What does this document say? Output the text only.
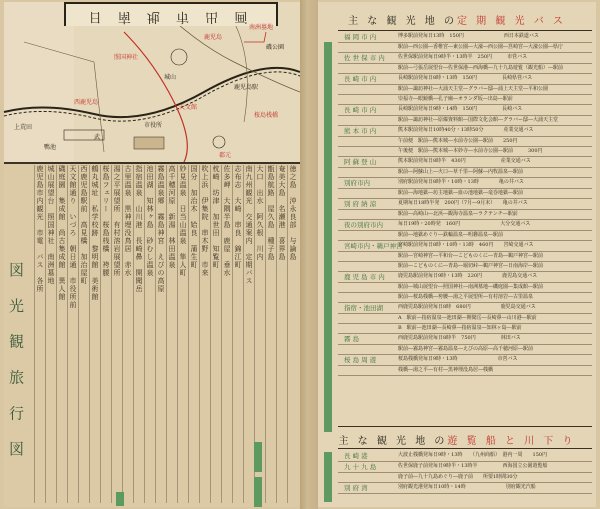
日 南 地 市 出 画
鹿児島
城山
西鹿児島
天文館
鹿児島駅
桜島桟橋
照国神社
市役所
南洲墓地
磯公園
鴨池
武
上荒田
郡元
鹿児島市内観光　市電　バス　各所 城山展望台　照国神社　南洲墓地 磯庭園　集成館　尚古集成館　異人館 天文館通り　いづろ　朝日通　市役所前 西鹿児島駅前　高見橋　加治屋町 鶴丸城址　私学校跡　黎明館　美術館 桜島フェリー　桜島桟橋　袴腰 湯之平展望所　有村溶岩展望所 古里温泉　黒神埋没鳥居　赤水 指宿温泉　山川港　長崎鼻　開聞岳 池田湖　知林ヶ島　砂むし温泉 霧島温泉郷　霧島神宮　えびの高原 高千穂河原　新湯　林田温泉 妙見温泉　日当山温泉　隼人町 国分　加治木　姶良　蒲生町 吹上浜　伊集院　串木野　市来 枕崎　坊津　加世田　知覧町 佐多岬　大隅半島　鹿屋　垂水 志布志　大崎　串良　錦江町 南九州観光　交通案内　定期バス 大口　出水　阿久根　川内 甑島航路　屋久島　種子島 奄美大島　名瀬港　喜界島 徳之島　沖永良部　与論島
図 光 観 旅 行 図
主 な 観 光 地 の定 期 観 光 バ ス
福 岡 市 内	博多駅前発毎日13時　150円　　　　　　　　西日本鉄道バス
駅前―西公園―香椎宮―東公園―大濠―西公園―筥崎宮―大濠公園―県庁
佐 世 保 市 内	佐世保駅前発毎日9時半・13時半　250円　　　市営バス
駅前―弓張岳展望台―佐世保港―西海橋―九十九島遊覧（観光船）―駅前
長 崎 市 内	長崎駅前発毎日8時・13時　150円　　　　　長崎県営バス
駅前―諏訪神社―大浦天主堂―グラバー邸―浦上天主堂―平和公園
崇福寺―眼鏡橋―孔子廟―オランダ坂―出島―駅前
長 崎 市 内	長崎駅前発毎日9時・14時　150円　　　　　長崎バス
駅前―諏訪神社―原爆資料館―国際文化会館―グラバー邸―大浦天主堂
熊 本 市 内	熊本駅前発毎日10時40分・13時50分　　　　産業交通バス
午前便　駅前―熊本城―水前寺公園―駅前　　250円
午後便　駅前―熊本城―本妙寺―水前寺公園―駅前　　　300円
阿 蘇 登 山	熊本駅前発毎日8時半　430円　　　　　　　産業交通バス
駅前―阿蘇山上―火口―草千里―阿蘇―内牧温泉―駅前
別府市内	別府駅前発毎日8時半・10時・13時　　　　亀の井バス
駅前―海地獄―坊主地獄―血の池地獄―竜巻地獄―駅前
別 府 納 涼	夏期毎日18時半発　200円（7月―9月末）　　亀の井バス
駅前―高崎山―北浜―観海寺温泉―ラクテンチ―駅前
夜の別府市内	毎日19時・20時発　160円　　　　　　　　大分交通バス
駅前―地獄めぐり―鉄輪温泉―明礬温泉―駅前
宮崎市内・鵜戸神宮
宮崎駅前発毎日8時・10時・13時　460円　　宮崎交通バス
駅前―宮崎神宮―平和台―こどものくに―青島―鵜戸神宮―駅前
駅前―こどものくに―青島―堀切峠―鵜戸神宮―日南海岸―駅前
鹿 児 島 市 内	鹿児島駅前発毎日9時・13時　220円　　　　鹿児島交通バス
駅前―城山展望台―照国神社―南洲墓地―磯庭園―集成館―駅前
駅前―桜島桟橋―袴腰―湯之平展望所―有村溶岩―古里温泉
指宿・池田湖	西鹿児島駅前発毎日8時　680円　　　　　　鹿児島交通バス
A　駅前―指宿温泉―池田湖―開聞岳―長崎鼻―山川港―駅前
B　駅前―池田湖―長崎鼻―指宿温泉―知林ヶ島―駅前
霧 島	西鹿児島駅前発毎日8時半　750円　　　　　林田バス
駅前―霧島神宮―霧島温泉―えびの高原―高千穂河原―駅前
桜 島 周 遊	桜島桟橋発毎日9時・13時　　　　　　　　市営バス
桟橋―湯之平―有村―黒神埋没鳥居―桟橋
主 な 観 光 地 の遊 覧 船 と 川 下 り
長 崎 港	大波止桟橋発毎日9時・13時　　（九州商船）　港内一周　　150円
九 十 九 島	佐世保鹿子前発毎日9時半・13時半　　　　　西海国立公園遊覧船
鹿子前―九十九島めぐり―鹿子前　　所要1時間30分
別 府 湾	別府観光港発毎日10時・14時　　　　　　　　別府観光汽船
